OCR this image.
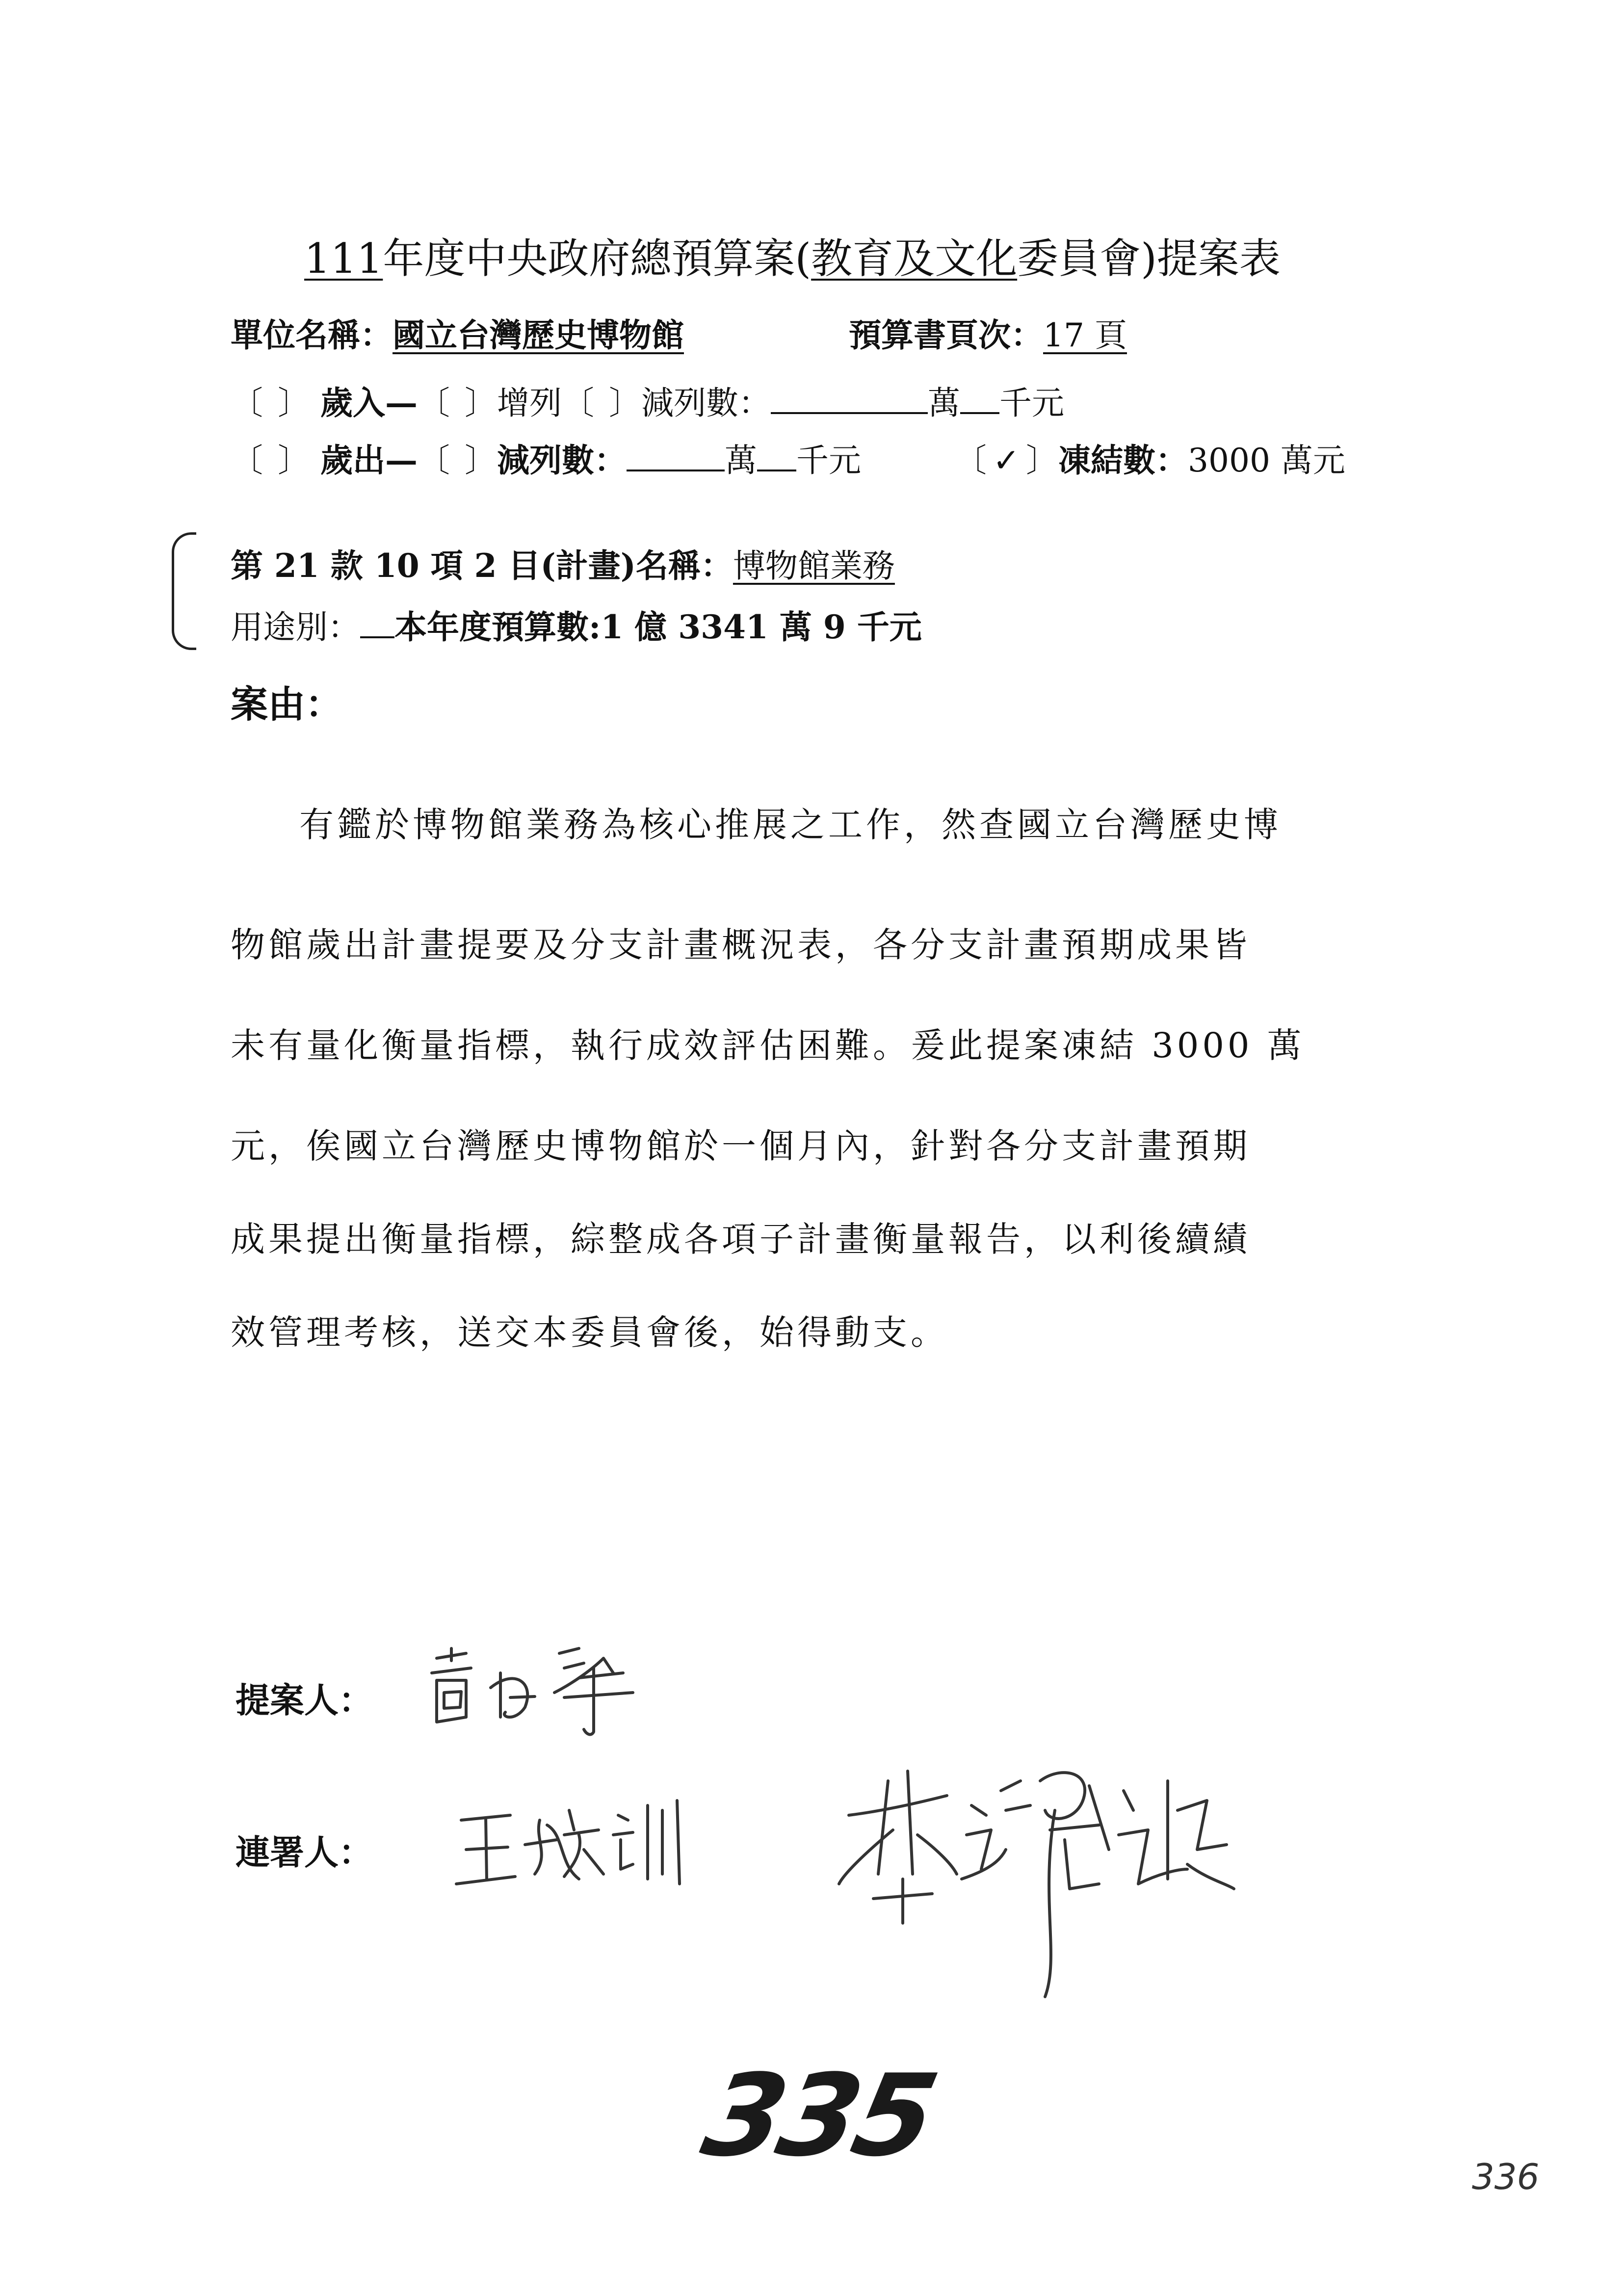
111年度中央政府總預算案(教育及文化委員會)提案表
單位名稱：國立台灣歷史博物館	預算書頁次：17 頁
〔 〕 歲入—〔 〕增列〔 〕減列數：	萬 千元
〔 〕 歲出—〔 〕減列數：	萬 千元	〔 ✓ 〕凍結數：3000 萬元
第 21 款 10 項 2 目(計畫)名稱：博物館業務
用途別： 本年度預算數:1 億 3341 萬 9 千元
案由：
有鑑於博物館業務為核心推展之工作，然查國立台灣歷史博
物館歲出計畫提要及分支計畫概況表，各分支計畫預期成果皆
未有量化衡量指標，執行成效評估困難。爰此提案凍結 3000 萬
元，俟國立台灣歷史博物館於一個月內，針對各分支計畫預期
成果提出衡量指標，綜整成各項子計畫衡量報告，以利後續績
效管理考核，送交本委員會後，始得動支。
提案人：
連署人：
335	336
